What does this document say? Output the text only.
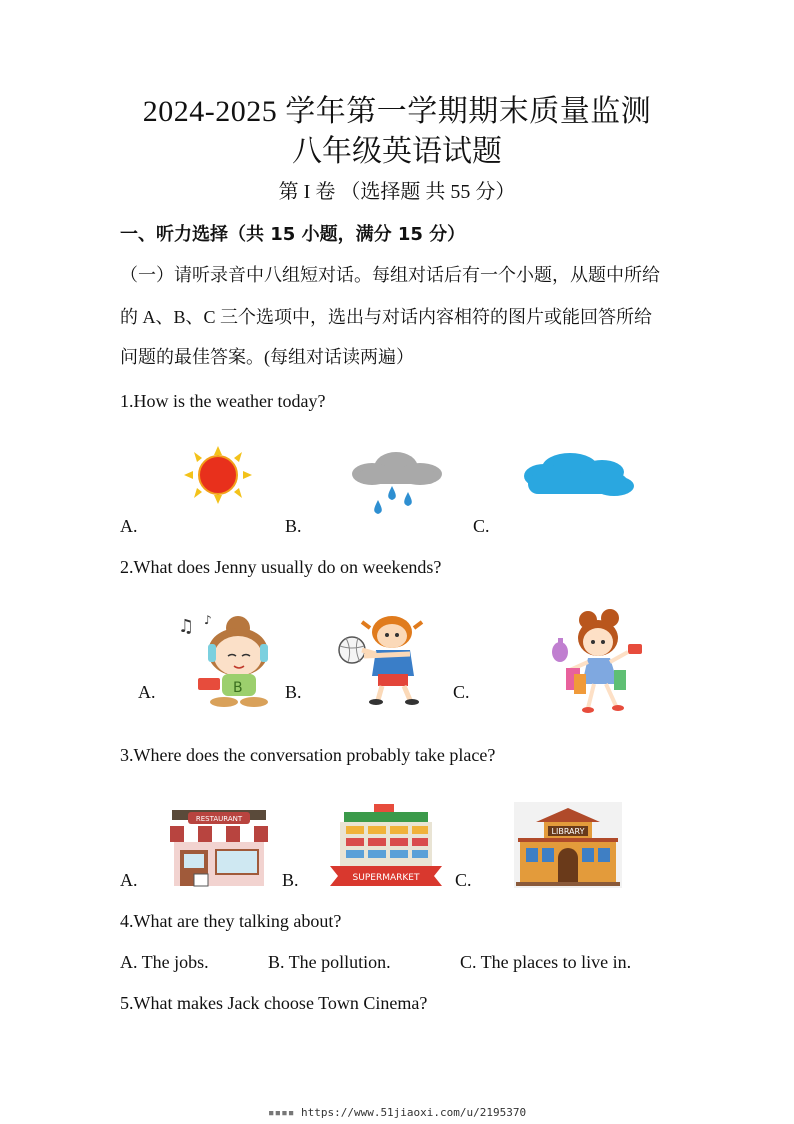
2024-2025 学年第一学期期末质量监测
八年级英语试题
第 I 卷 （选择题 共 55 分）
一、听力选择（共 15 小题，满分 15 分）
（一）请听录音中八组短对话。每组对话后有一个小题，从题中所给
的 A、B、C 三个选项中，选出与对话内容相符的图片或能回答所给
问题的最佳答案。(每组对话读两遍）
1.How is the weather today?
A.	B.	C.
2.What does Jenny usually do on weekends?
A.	B.	C.
♫ ♪
B
3.Where does the conversation probably take place?
A.	B.	C.
RESTAURANT
SUPERMARKET
LIBRARY
4.What are they talking about?
A. The jobs.	B. The pollution.	C. The places to live in.
5.What makes Jack choose Town Cinema?
▪▪▪▪ https://www.51jiaoxi.com/u/2195370
